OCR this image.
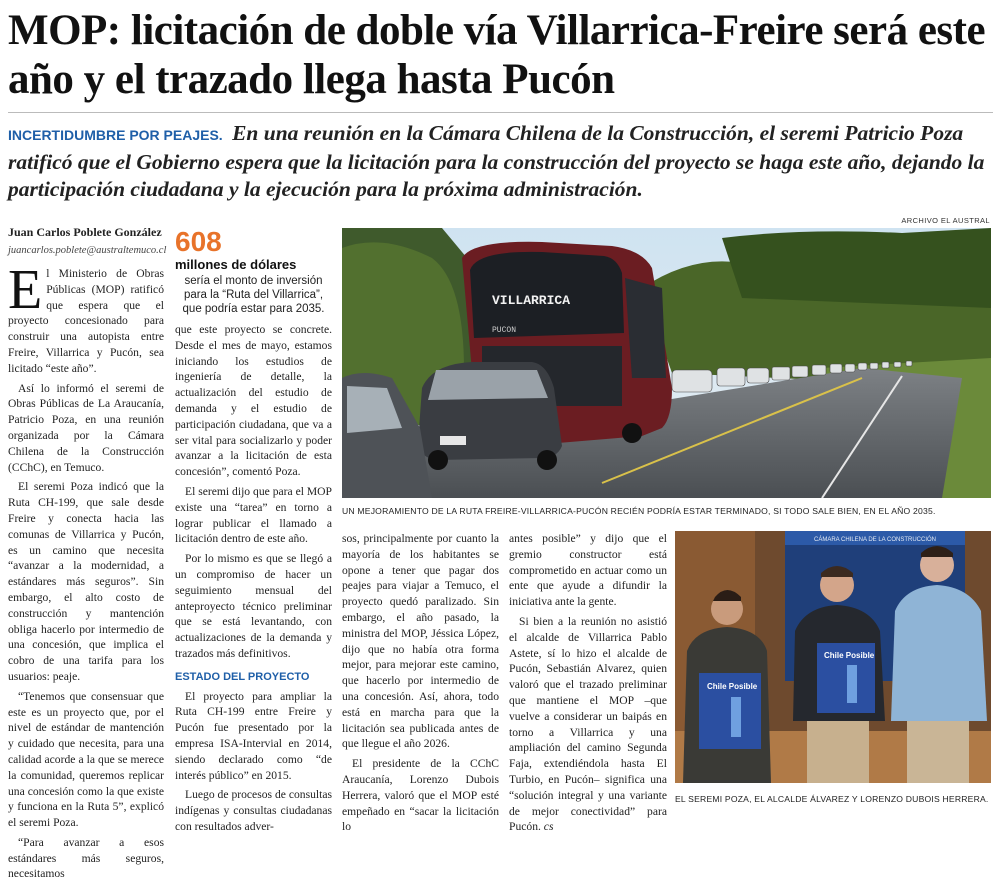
MOP: licitación de doble vía Villarrica-Freire será este año y el trazado llega hasta Pucón

INCERTIDUMBRE POR PEAJES. En una reunión en la Cámara Chilena de la Construcción, el seremi Patricio Poza ratificó que el Gobierno espera que la licitación para la construcción del proyecto se haga este año, dejando la participación ciudadana y la ejecución para la próxima administración.

Juan Carlos Poblete González
juancarlos.poblete@australtemuco.cl
ARCHIVO EL AUSTRAL

El Ministerio de Obras Públicas (MOP) ratificó que espera que el proyecto concesionado para construir una autopista entre Freire, Villarrica y Pucón, sea licitado “este año”.

Así lo informó el seremi de Obras Públicas de La Araucanía, Patricio Poza, en una reunión organizada por la Cámara Chilena de la Construcción (CChC), en Temuco.

El seremi Poza indicó que la Ruta CH-199, que sale desde Freire y conecta hacia las comunas de Villarrica y Pucón, es un camino que necesita “avanzar a la modernidad, a estándares más seguros”. Sin embargo, el alto costo de construcción y mantención obliga hacerlo por intermedio de una concesión, que implica el cobro de una tarifa para los usuarios: peaje.

“Tenemos que consensuar que este es un proyecto que, por el nivel de estándar de mantención y cuidado que necesita, para una calidad acorde a la que se merece la comunidad, queremos replicar una concesión como la que existe y funciona en la Ruta 5”, explicó el seremi Poza.

“Para avanzar a esos estándares más seguros, necesitamos

608
millones de dólares
sería el monto de inversión para la “Ruta del Villarrica”, que podría estar para 2035.

que este proyecto se concrete. Desde el mes de mayo, estamos iniciando los estudios de ingeniería de detalle, la actualización del estudio de demanda y el estudio de participación ciudadana, que va a ser vital para socializarlo y poder avanzar a la licitación de esta concesión”, comentó Poza.

El seremi dijo que para el MOP existe una “tarea” en torno a lograr publicar el llamado a licitación dentro de este año.

Por lo mismo es que se llegó a un compromiso de hacer un seguimiento mensual del anteproyecto técnico preliminar que se está levantando, con actualizaciones de la demanda y trazados más definitivos.

ESTADO DEL PROYECTO

El proyecto para ampliar la Ruta CH-199 entre Freire y Pucón fue presentado por la empresa ISA-Intervial en 2014, siendo declarado como “de interés público” en 2015.

Luego de procesos de consultas indígenas y consultas ciudadanas con resultados adver-

sos, principalmente por cuanto la mayoría de los habitantes se opone a tener que pagar dos peajes para viajar a Temuco, el proyecto quedó paralizado. Sin embargo, el año pasado, la ministra del MOP, Jéssica López, dijo que no había otra forma mejor, para mejorar este camino, que hacerlo por intermedio de una concesión. Así, ahora, todo está en marcha para que la licitación sea publicada antes de que llegue el año 2026.

El presidente de la CChC Araucanía, Lorenzo Dubois Herrera, valoró que el MOP esté empeñado en “sacar la licitación lo

antes posible” y dijo que el gremio constructor está comprometido en actuar como un ente que ayude a difundir la iniciativa ante la gente.

Si bien a la reunión no asistió el alcalde de Villarrica Pablo Astete, sí lo hizo el alcalde de Pucón, Sebastián Alvarez, quien valoró que el trazado preliminar que mantiene el MOP –que vuelve a considerar un baipás en torno a Villarrica y una ampliación del camino Segunda Faja, extendiéndola hasta El Turbio, en Pucón– significa una “solución integral y una variante de mejor conectividad” para Pucón. cs

VILLARRICA
PUCON
UN MEJORAMIENTO DE LA RUTA FREIRE-VILLARRICA-PUCÓN RECIÉN PODRÍA ESTAR TERMINADO, SI TODO SALE BIEN, EN EL AÑO 2035.
CÁMARA CHILENA DE LA CONSTRUCCIÓN
Chile Posible
Chile Posible
EL SEREMI POZA, EL ALCALDE ÁLVAREZ Y LORENZO DUBOIS HERRERA.
